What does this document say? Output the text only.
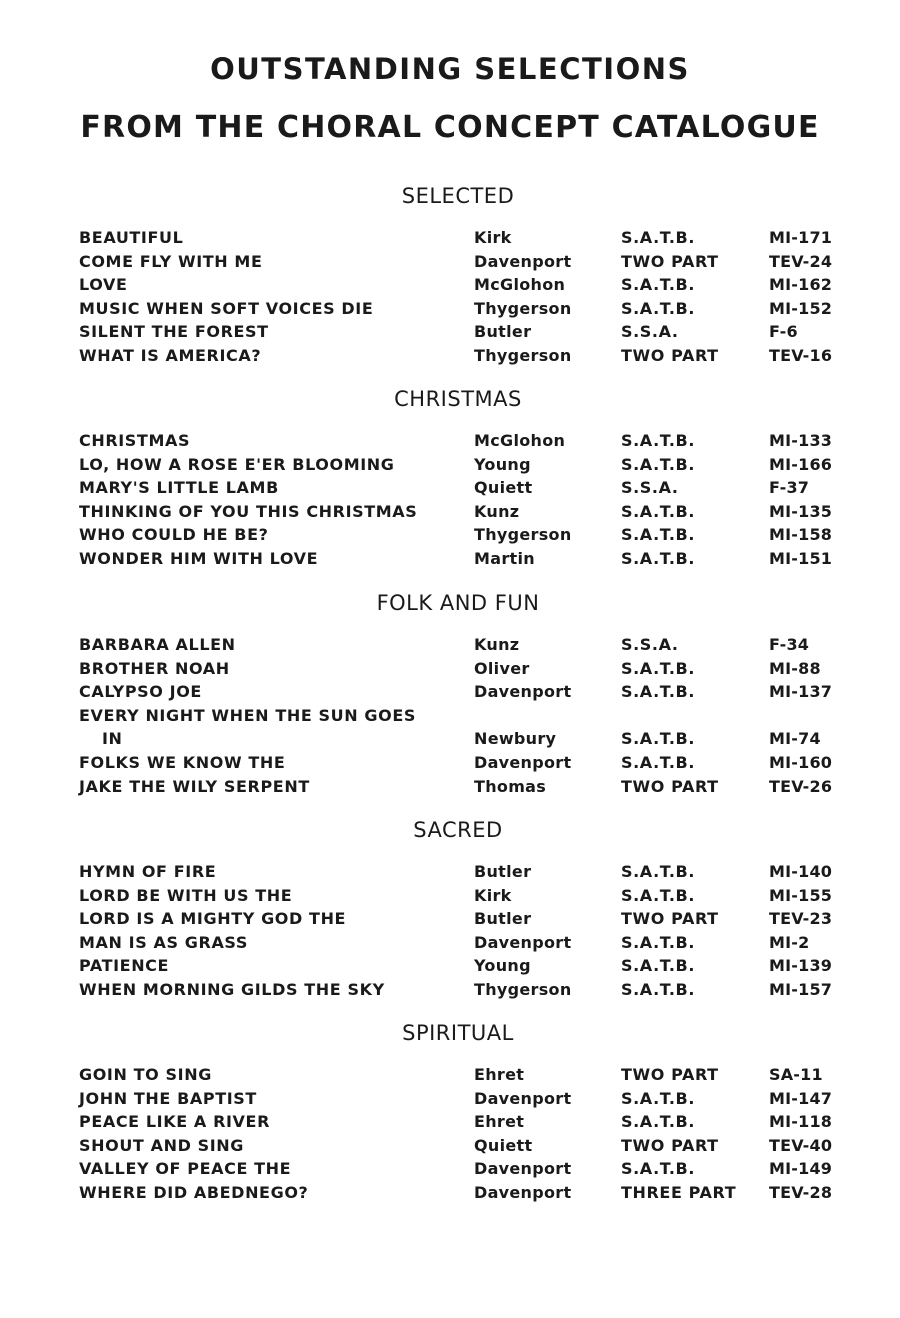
OUTSTANDING SELECTIONS
FROM THE CHORAL CONCEPT CATALOGUE
SELECTED
BEAUTIFUL	Kirk	S.A.T.B.	MI-171
COME FLY WITH ME	Davenport	TWO PART	TEV-24
LOVE	McGlohon	S.A.T.B.	MI-162
MUSIC WHEN SOFT VOICES DIE	Thygerson	S.A.T.B.	MI-152
SILENT THE FOREST	Butler	S.S.A.	F-6
WHAT IS AMERICA?	Thygerson	TWO PART	TEV-16
CHRISTMAS
CHRISTMAS	McGlohon	S.A.T.B.	MI-133
LO, HOW A ROSE E'ER BLOOMING	Young	S.A.T.B.	MI-166
MARY'S LITTLE LAMB	Quiett	S.S.A.	F-37
THINKING OF YOU THIS CHRISTMAS	Kunz	S.A.T.B.	MI-135
WHO COULD HE BE?	Thygerson	S.A.T.B.	MI-158
WONDER HIM WITH LOVE	Martin	S.A.T.B.	MI-151
FOLK AND FUN
BARBARA ALLEN	Kunz	S.S.A.	F-34
BROTHER NOAH	Oliver	S.A.T.B.	MI-88
CALYPSO JOE	Davenport	S.A.T.B.	MI-137
EVERY NIGHT WHEN THE SUN GOES
IN	Newbury	S.A.T.B.	MI-74
FOLKS WE KNOW THE	Davenport	S.A.T.B.	MI-160
JAKE THE WILY SERPENT	Thomas	TWO PART	TEV-26
SACRED
HYMN OF FIRE	Butler	S.A.T.B.	MI-140
LORD BE WITH US THE	Kirk	S.A.T.B.	MI-155
LORD IS A MIGHTY GOD THE	Butler	TWO PART	TEV-23
MAN IS AS GRASS	Davenport	S.A.T.B.	MI-2
PATIENCE	Young	S.A.T.B.	MI-139
WHEN MORNING GILDS THE SKY	Thygerson	S.A.T.B.	MI-157
SPIRITUAL
GOIN TO SING	Ehret	TWO PART	SA-11
JOHN THE BAPTIST	Davenport	S.A.T.B.	MI-147
PEACE LIKE A RIVER	Ehret	S.A.T.B.	MI-118
SHOUT AND SING	Quiett	TWO PART	TEV-40
VALLEY OF PEACE THE	Davenport	S.A.T.B.	MI-149
WHERE DID ABEDNEGO?	Davenport	THREE PART TEV-28
